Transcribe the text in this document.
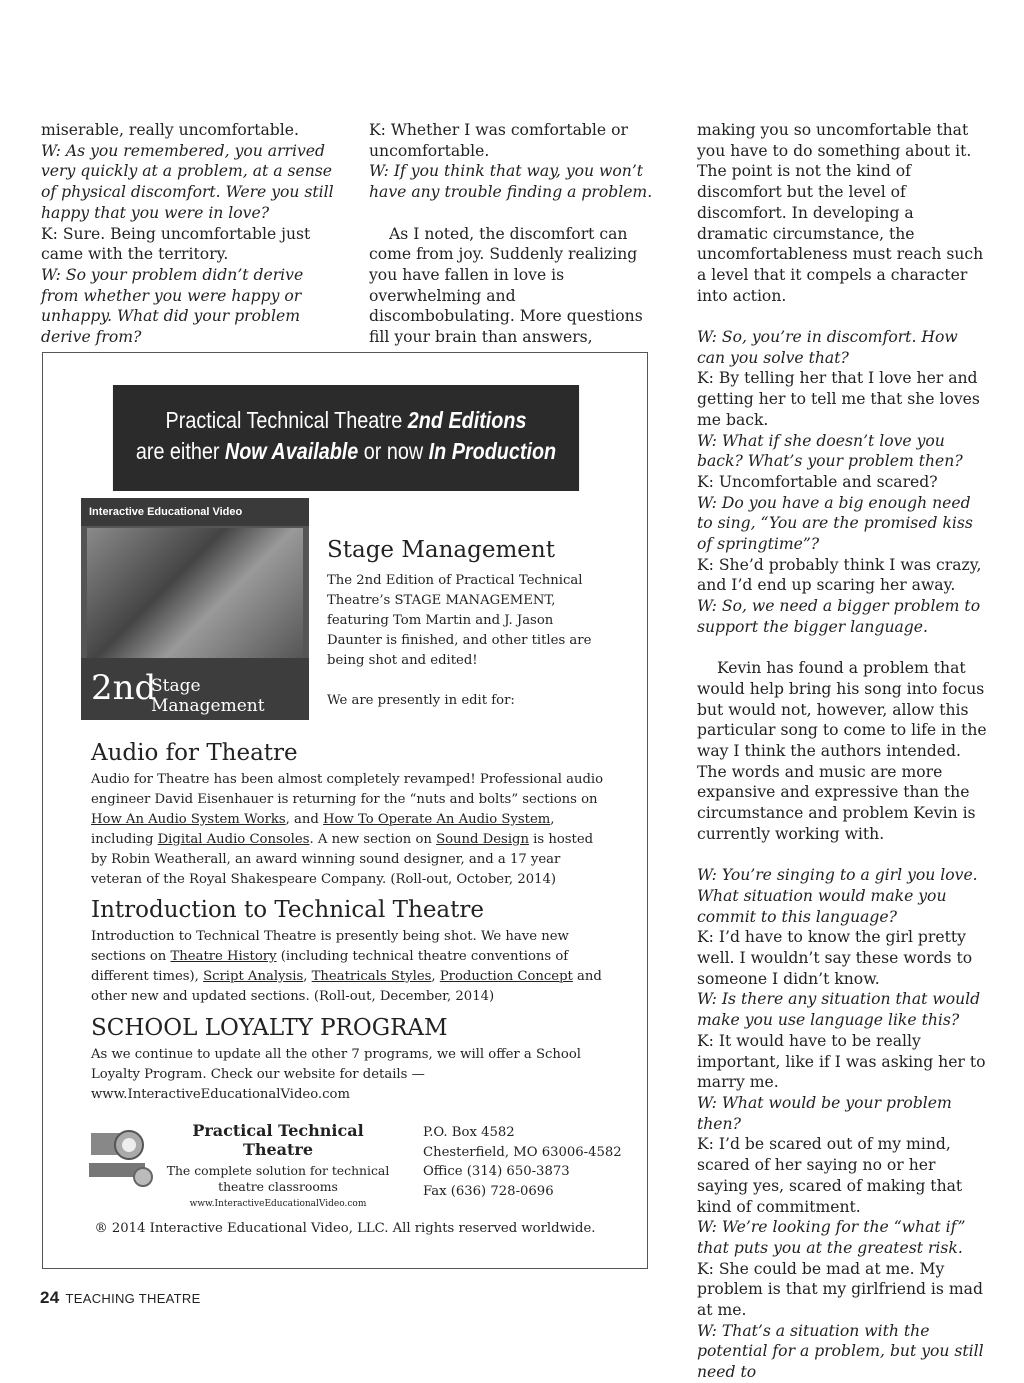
miserable, really uncomfortable.

W: As you remembered, you arrived very quickly at a problem, at a sense of physical discomfort. Were you still happy that you were in love?

K: Sure. Being uncomfortable just came with the territory.

W: So your problem didn’t derive from whether you were happy or unhappy. What did your problem derive from?

K: Whether I was comfortable or uncomfortable.

W: If you think that way, you won’t have any trouble finding a problem.

As I noted, the discomfort can come from joy. Suddenly realizing you have fallen in love is overwhelming and discombobulating. More questions fill your brain than answers,

making you so uncomfortable that you have to do something about it. The point is not the kind of discomfort but the level of discomfort. In developing a dramatic circumstance, the uncomfortableness must reach such a level that it compels a character into action.

W: So, you’re in discomfort. How can you solve that?

K: By telling her that I love her and getting her to tell me that she loves me back.

W: What if she doesn’t love you back? What’s your problem then?

K: Uncomfortable and scared?

W: Do you have a big enough need to sing, “You are the promised kiss of springtime”?

K: She’d probably think I was crazy, and I’d end up scaring her away.

W: So, we need a bigger problem to support the bigger language.

Kevin has found a problem that would help bring his song into focus but would not, however, allow this particular song to come to life in the way I think the authors intended. The words and music are more expansive and expressive than the circumstance and problem Kevin is currently working with.

W: You’re singing to a girl you love. What situation would make you commit to this language?

K: I’d have to know the girl pretty well. I wouldn’t say these words to someone I didn’t know.

W: Is there any situation that would make you use language like this?

K: It would have to be really important, like if I was asking her to marry me.

W: What would be your problem then?

K: I’d be scared out of my mind, scared of her saying no or her saying yes, scared of making that kind of commitment.

W: We’re looking for the “what if” that puts you at the greatest risk.

K: She could be mad at me. My problem is that my girlfriend is mad at me.

W: That’s a situation with the potential for a problem, but you still need to

Practical Technical Theatre 2nd Editions
are either Now Available or now In Production
Interactive Educational Video
2nd
Stage Management
Stage Management

The 2nd Edition of Practical Technical Theatre’s STAGE MANAGEMENT, featuring Tom Martin and J. Jason Daunter is finished, and other titles are being shot and edited!

We are presently in edit for:

Audio for Theatre

Audio for Theatre has been almost completely revamped! Professional audio engineer David Eisenhauer is returning for the “nuts and bolts” sections on How An Audio System Works, and How To Operate An Audio System, including Digital Audio Consoles. A new section on Sound Design is hosted by Robin Weatherall, an award winning sound designer, and a 17 year veteran of the Royal Shakespeare Company. (Roll-out, October, 2014)

Introduction to Technical Theatre

Introduction to Technical Theatre is presently being shot. We have new sections on Theatre History (including technical theatre conventions of different times), Script Analysis, Theatricals Styles, Production Concept and other new and updated sections. (Roll-out, December, 2014)

SCHOOL LOYALTY PROGRAM

As we continue to update all the other 7 programs, we will offer a School Loyalty Program. Check our website for details — www.InteractiveEducationalVideo.com

Practical Technical Theatre
The complete solution for technical theatre classrooms
www.InteractiveEducationalVideo.com
P.O. Box 4582
Chesterfield, MO 63006-4582
Office (314) 650-3873
Fax (636) 728-0696
® 2014 Interactive Educational Video, LLC. All rights reserved worldwide.
24 TEACHING THEATRE
